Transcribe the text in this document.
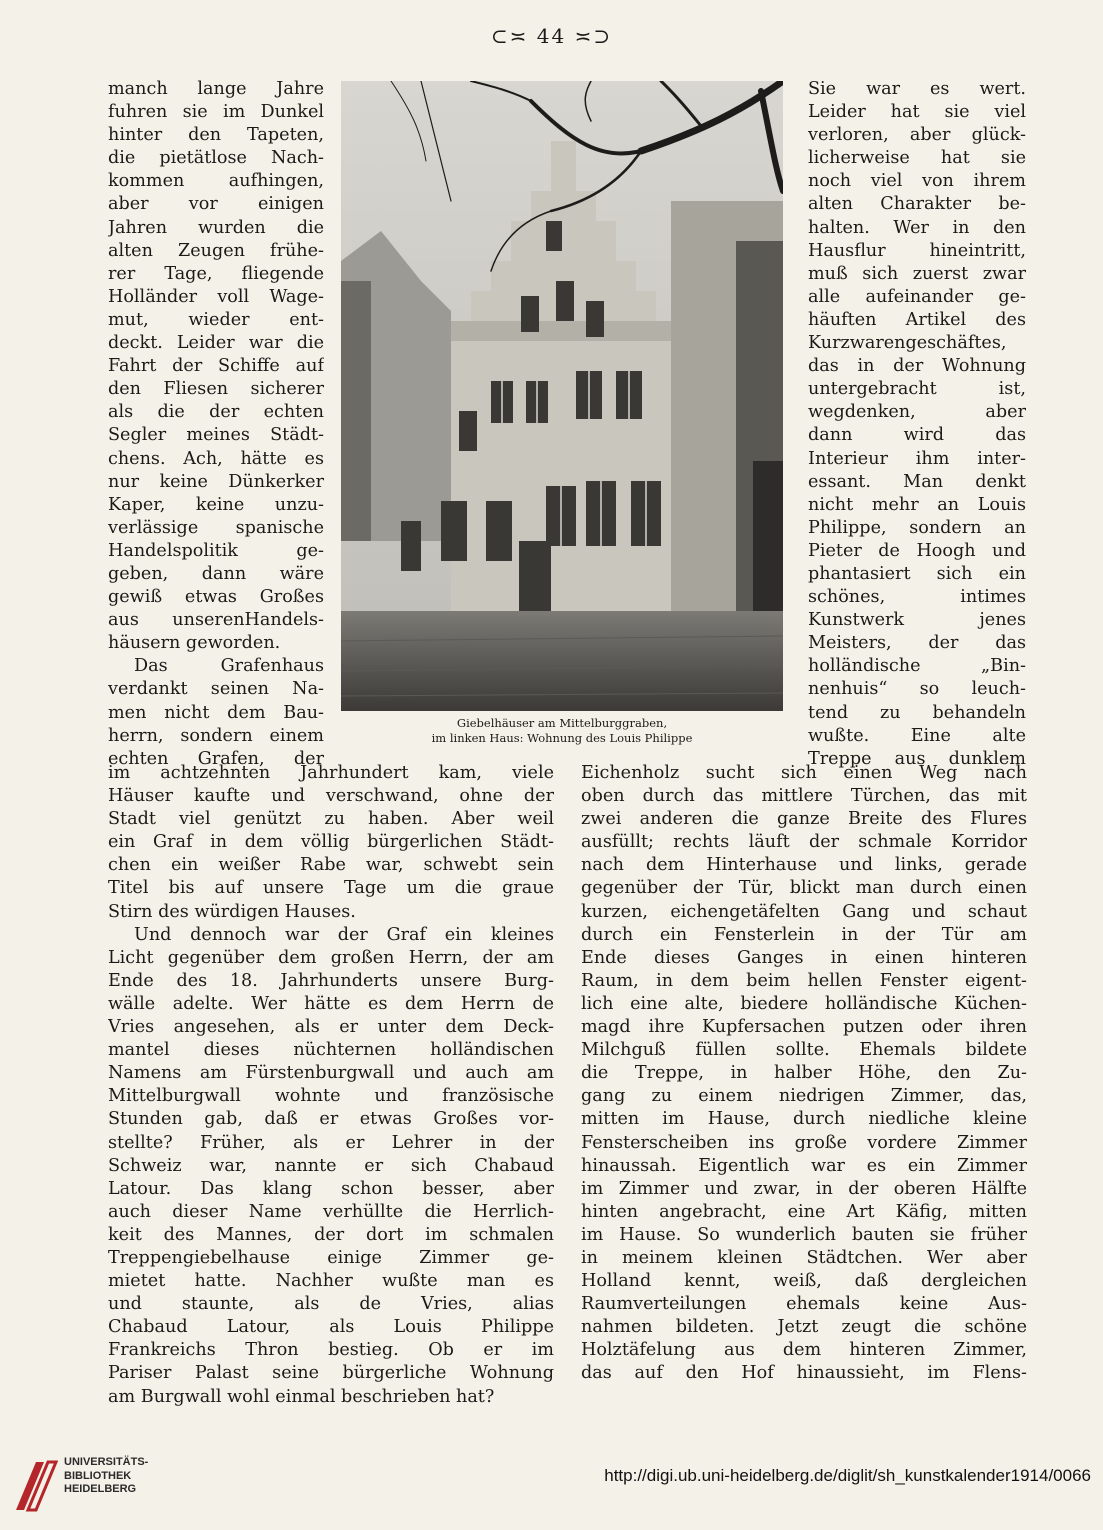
⊂≍ 44 ≍⊃
manch lange Jahre
fuhren sie im Dunkel
hinter den Tapeten,
die pietätlose Nach-
kommen aufhingen,
aber vor einigen
Jahren wurden die
alten Zeugen frühe-
rer Tage, fliegende
Holländer voll Wage-
mut, wieder ent-
deckt. Leider war die
Fahrt der Schiffe auf
den Fliesen sicherer
als die der echten
Segler meines Städt-
chens. Ach, hätte es
nur keine Dünkerker
Kaper, keine unzu-
verlässige spanische
Handelspolitik ge-
geben, dann wäre
gewiß etwas Großes
aus unserenHandels-
häusern geworden.
Das Grafenhaus
verdankt seinen Na-
men nicht dem Bau-
herrn, sondern einem
echten Grafen, der
Sie war es wert.
Leider hat sie viel
verloren, aber glück-
licherweise hat sie
noch viel von ihrem
alten Charakter be-
halten. Wer in den
Hausflur hineintritt,
muß sich zuerst zwar
alle aufeinander ge-
häuften Artikel des
Kurzwarengeschäftes,
das in der Wohnung
untergebracht ist,
wegdenken, aber
dann wird das
Interieur ihm inter-
essant. Man denkt
nicht mehr an Louis
Philippe, sondern an
Pieter de Hoogh und
phantasiert sich ein
schönes, intimes
Kunstwerk jenes
Meisters, der das
holländische „Bin-
nenhuis“ so leuch-
tend zu behandeln
wußte. Eine alte
Treppe aus dunklem
Giebelhäuser am Mittelburggraben,
im linken Haus: Wohnung des Louis Philippe
im achtzehnten Jahrhundert kam, viele
Häuser kaufte und verschwand, ohne der
Stadt viel genützt zu haben. Aber weil
ein Graf in dem völlig bürgerlichen Städt-
chen ein weißer Rabe war, schwebt sein
Titel bis auf unsere Tage um die graue
Stirn des würdigen Hauses.
Und dennoch war der Graf ein kleines
Licht gegenüber dem großen Herrn, der am
Ende des 18. Jahrhunderts unsere Burg-
wälle adelte. Wer hätte es dem Herrn de
Vries angesehen, als er unter dem Deck-
mantel dieses nüchternen holländischen
Namens am Fürstenburgwall und auch am
Mittelburgwall wohnte und französische
Stunden gab, daß er etwas Großes vor-
stellte? Früher, als er Lehrer in der
Schweiz war, nannte er sich Chabaud
Latour. Das klang schon besser, aber
auch dieser Name verhüllte die Herrlich-
keit des Mannes, der dort im schmalen
Treppengiebelhause einige Zimmer ge-
mietet hatte. Nachher wußte man es
und staunte, als de Vries, alias
Chabaud Latour, als Louis Philippe
Frankreichs Thron bestieg. Ob er im
Pariser Palast seine bürgerliche Wohnung
am Burgwall wohl einmal beschrieben hat?
Eichenholz sucht sich einen Weg nach
oben durch das mittlere Türchen, das mit
zwei anderen die ganze Breite des Flures
ausfüllt; rechts läuft der schmale Korridor
nach dem Hinterhause und links, gerade
gegenüber der Tür, blickt man durch einen
kurzen, eichengetäfelten Gang und schaut
durch ein Fensterlein in der Tür am
Ende dieses Ganges in einen hinteren
Raum, in dem beim hellen Fenster eigent-
lich eine alte, biedere holländische Küchen-
magd ihre Kupfersachen putzen oder ihren
Milchguß füllen sollte. Ehemals bildete
die Treppe, in halber Höhe, den Zu-
gang zu einem niedrigen Zimmer, das,
mitten im Hause, durch niedliche kleine
Fensterscheiben ins große vordere Zimmer
hinaussah. Eigentlich war es ein Zimmer
im Zimmer und zwar, in der oberen Hälfte
hinten angebracht, eine Art Käfig, mitten
im Hause. So wunderlich bauten sie früher
in meinem kleinen Städtchen. Wer aber
Holland kennt, weiß, daß dergleichen
Raumverteilungen ehemals keine Aus-
nahmen bildeten. Jetzt zeugt die schöne
Holztäfelung aus dem hinteren Zimmer,
das auf den Hof hinaussieht, im Flens-
UNIVERSITÄTS-
BIBLIOTHEK
HEIDELBERG
http://digi.ub.uni-heidelberg.de/diglit/sh_kunstkalender1914/0066
